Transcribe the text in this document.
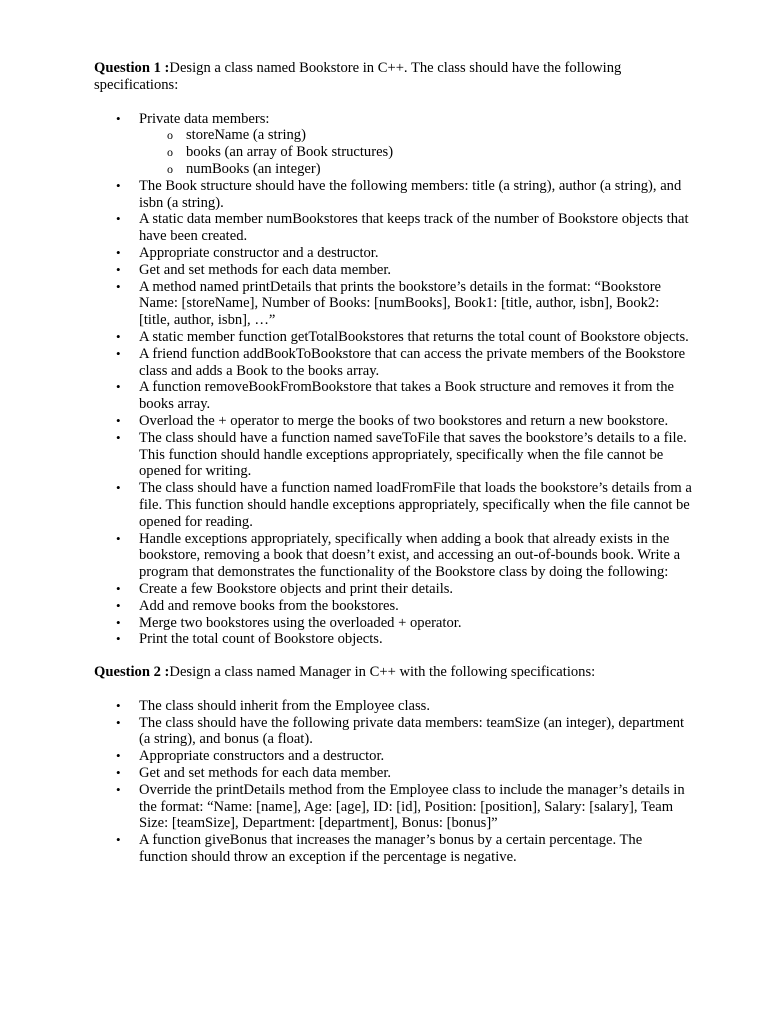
Question 1 :Design a class named Bookstore in C++. The class should have the following specifications:

• Private data members:
o storeName (a string)
o books (an array of Book structures)
o numBooks (an integer)
• The Book structure should have the following members: title (a string), author (a string), and isbn (a string).
• A static data member numBookstores that keeps track of the number of Bookstore objects that have been created.
• Appropriate constructor and a destructor.
• Get and set methods for each data member.
• A method named printDetails that prints the bookstore’s details in the format: “Bookstore Name: [storeName], Number of Books: [numBooks], Book1: [title, author, isbn], Book2: [title, author, isbn], …”
• A static member function getTotalBookstores that returns the total count of Bookstore objects.
• A friend function addBookToBookstore that can access the private members of the Bookstore class and adds a Book to the books array.
• A function removeBookFromBookstore that takes a Book structure and removes it from the books array.
• Overload the + operator to merge the books of two bookstores and return a new bookstore.
• The class should have a function named saveToFile that saves the bookstore’s details to a file. This function should handle exceptions appropriately, specifically when the file cannot be opened for writing.
• The class should have a function named loadFromFile that loads the bookstore’s details from a file. This function should handle exceptions appropriately, specifically when the file cannot be opened for reading.
• Handle exceptions appropriately, specifically when adding a book that already exists in the bookstore, removing a book that doesn’t exist, and accessing an out-of-bounds book. Write a program that demonstrates the functionality of the Bookstore class by doing the following:
• Create a few Bookstore objects and print their details.
• Add and remove books from the bookstores.
• Merge two bookstores using the overloaded + operator.
• Print the total count of Bookstore objects.

Question 2 :Design a class named Manager in C++ with the following specifications:

• The class should inherit from the Employee class.
• The class should have the following private data members: teamSize (an integer), department (a string), and bonus (a float).
• Appropriate constructors and a destructor.
• Get and set methods for each data member.
• Override the printDetails method from the Employee class to include the manager’s details in the format: “Name: [name], Age: [age], ID: [id], Position: [position], Salary: [salary], Team Size: [teamSize], Department: [department], Bonus: [bonus]”
• A function giveBonus that increases the manager’s bonus by a certain percentage. The function should throw an exception if the percentage is negative.
